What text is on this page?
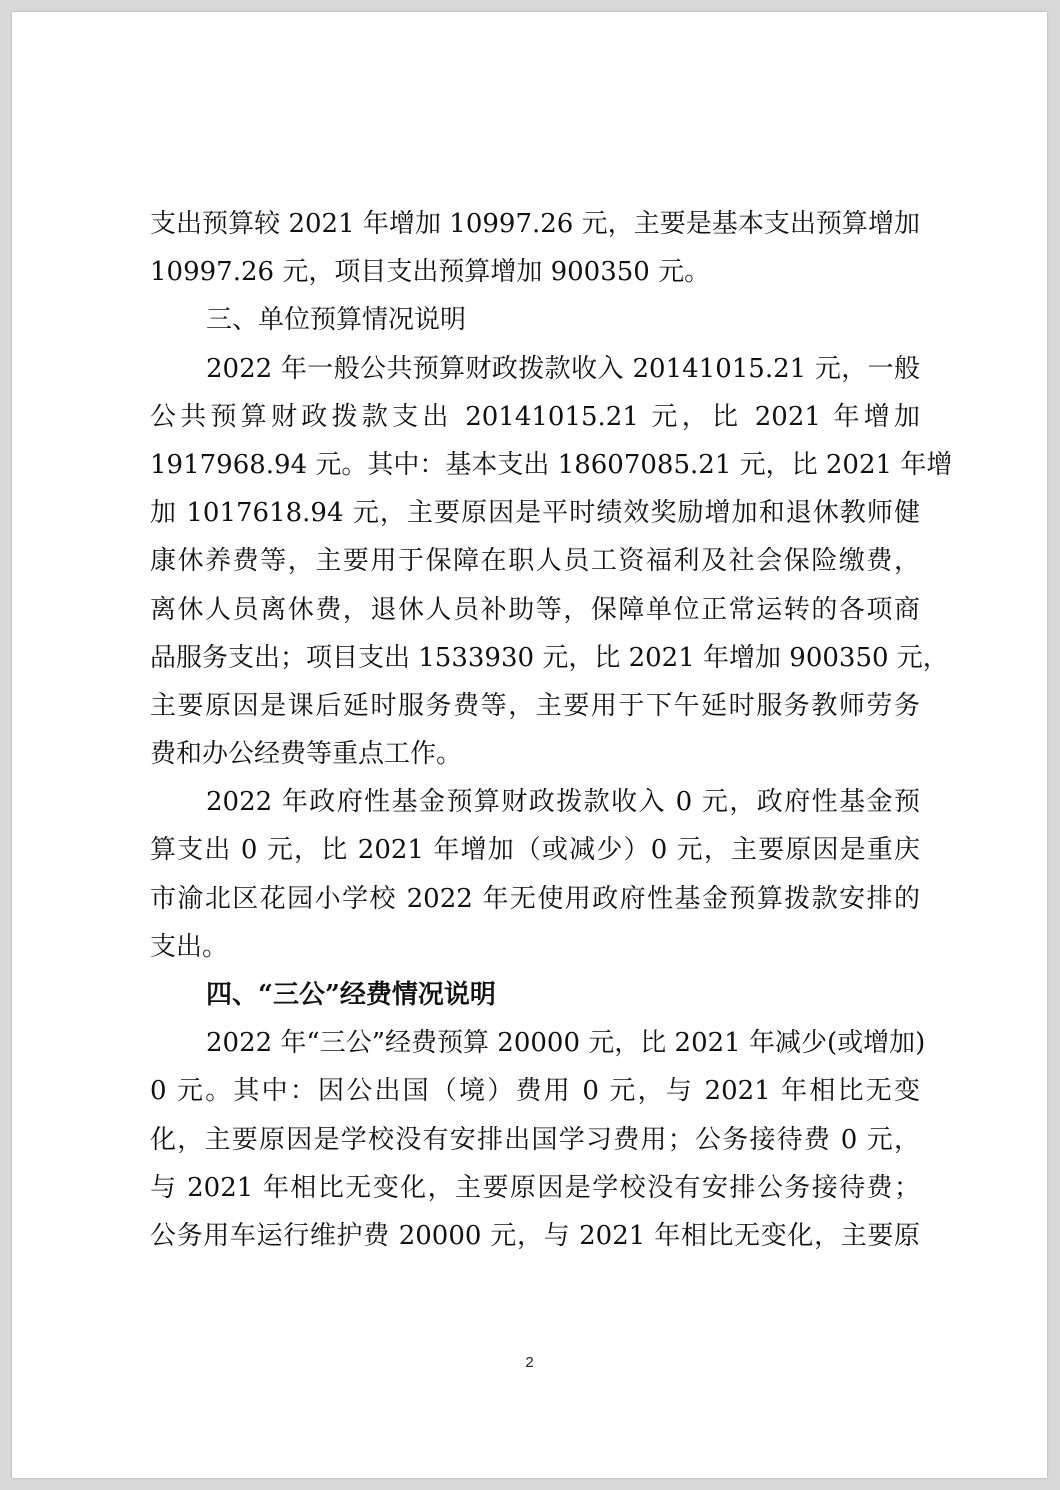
支出预算较 2021 年增加 10997.26 元，主要是基本支出预算增加
10997.26 元，项目支出预算增加 900350 元。
三、单位预算情况说明
2022 年一般公共预算财政拨款收入 20141015.21 元，一般
公共预算财政拨款支出 20141015.21 元，比 2021 年增加
1917968.94 元。其中：基本支出 18607085.21 元，比 2021 年增
加 1017618.94 元，主要原因是平时绩效奖励增加和退休教师健
康休养费等，主要用于保障在职人员工资福利及社会保险缴费，
离休人员离休费，退休人员补助等，保障单位正常运转的各项商
品服务支出；项目支出 1533930 元，比 2021 年增加 900350 元，
主要原因是课后延时服务费等，主要用于下午延时服务教师劳务
费和办公经费等重点工作。
2022 年政府性基金预算财政拨款收入 0 元，政府性基金预
算支出 0 元，比 2021 年增加（或减少）0 元，主要原因是重庆
市渝北区花园小学校 2022 年无使用政府性基金预算拨款安排的
支出。
四、“三公”经费情况说明
2022 年“三公”经费预算 20000 元，比 2021 年减少(或增加)
0 元。其中：因公出国（境）费用 0 元，与 2021 年相比无变
化，主要原因是学校没有安排出国学习费用；公务接待费 0 元，
与 2021 年相比无变化，主要原因是学校没有安排公务接待费；
公务用车运行维护费 20000 元，与 2021 年相比无变化，主要原
2
